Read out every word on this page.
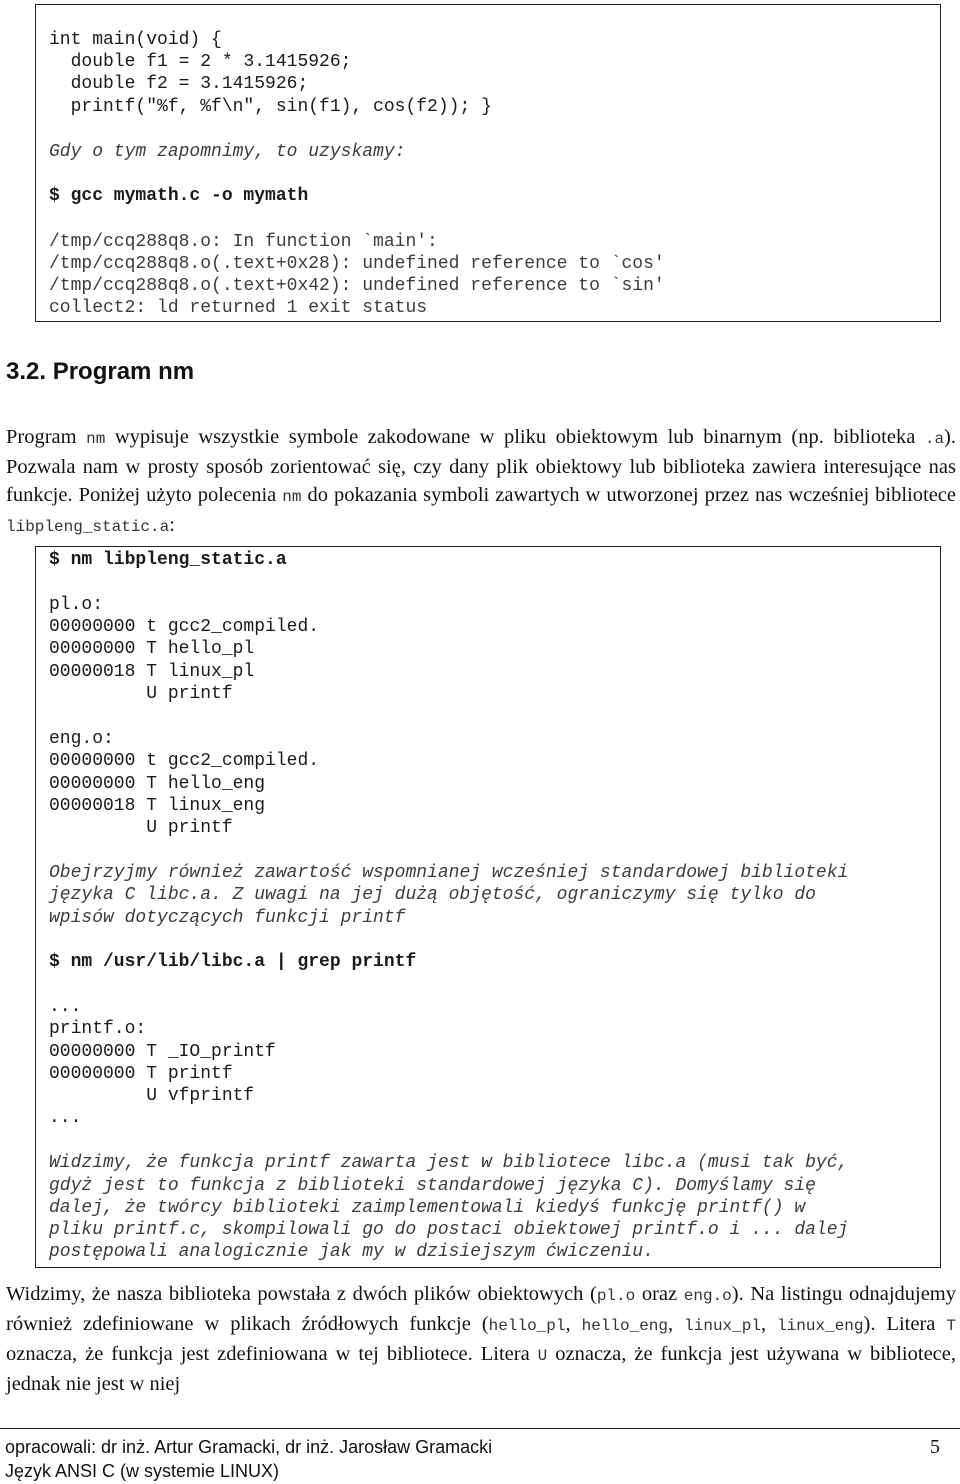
int main(void) {
double f1 = 2 * 3.1415926;
double f2 = 3.1415926;
printf("%f, %f\n", sin(f1), cos(f2)); }
Gdy o tym zapomnimy, to uzyskamy:
$ gcc mymath.c -o mymath
/tmp/ccq288q8.o: In function `main':
/tmp/ccq288q8.o(.text+0x28): undefined reference to `cos'
/tmp/ccq288q8.o(.text+0x42): undefined reference to `sin'
collect2: ld returned 1 exit status
3.2. Program nm

Program nm wypisuje wszystkie symbole zakodowane w pliku obiektowym lub binarnym (np. biblioteka .a). Pozwala nam w prosty sposób zorientować się, czy dany plik obiektowy lub biblioteka zawiera interesujące nas funkcje. Poniżej użyto polecenia nm do pokazania symboli zawartych w utworzonej przez nas wcześniej bibliotece libpleng_static.a:

$ nm libpleng_static.a
pl.o:
00000000 t gcc2_compiled.
00000000 T hello_pl
00000018 T linux_pl
U printf
eng.o:
00000000 t gcc2_compiled.
00000000 T hello_eng
00000018 T linux_eng
U printf
Obejrzyjmy również zawartość wspomnianej wcześniej standardowej biblioteki
języka C libc.a. Z uwagi na jej dużą objętość, ograniczymy się tylko do
wpisów dotyczących funkcji printf
$ nm /usr/lib/libc.a | grep printf
...
printf.o:
00000000 T _IO_printf
00000000 T printf
U vfprintf
...
Widzimy, że funkcja printf zawarta jest w bibliotece libc.a (musi tak być,
gdyż jest to funkcja z biblioteki standardowej języka C). Domyślamy się
dalej, że twórcy biblioteki zaimplementowali kiedyś funkcję printf() w
pliku printf.c, skompilowali go do postaci obiektowej printf.o i ... dalej
postępowali analogicznie jak my w dzisiejszym ćwiczeniu.

Widzimy, że nasza biblioteka powstała z dwóch plików obiektowych (pl.o oraz eng.o). Na listingu odnajdujemy również zdefiniowane w plikach źródłowych funkcje (hello_pl, hello_eng, linux_pl, linux_eng). Litera T oznacza, że funkcja jest zdefiniowana w tej bibliotece. Litera U oznacza, że funkcja jest używana w bibliotece, jednak nie jest w niej

opracowali: dr inż. Artur Gramacki, dr inż. Jarosław Gramacki
Język ANSI C (w systemie LINUX)
5
